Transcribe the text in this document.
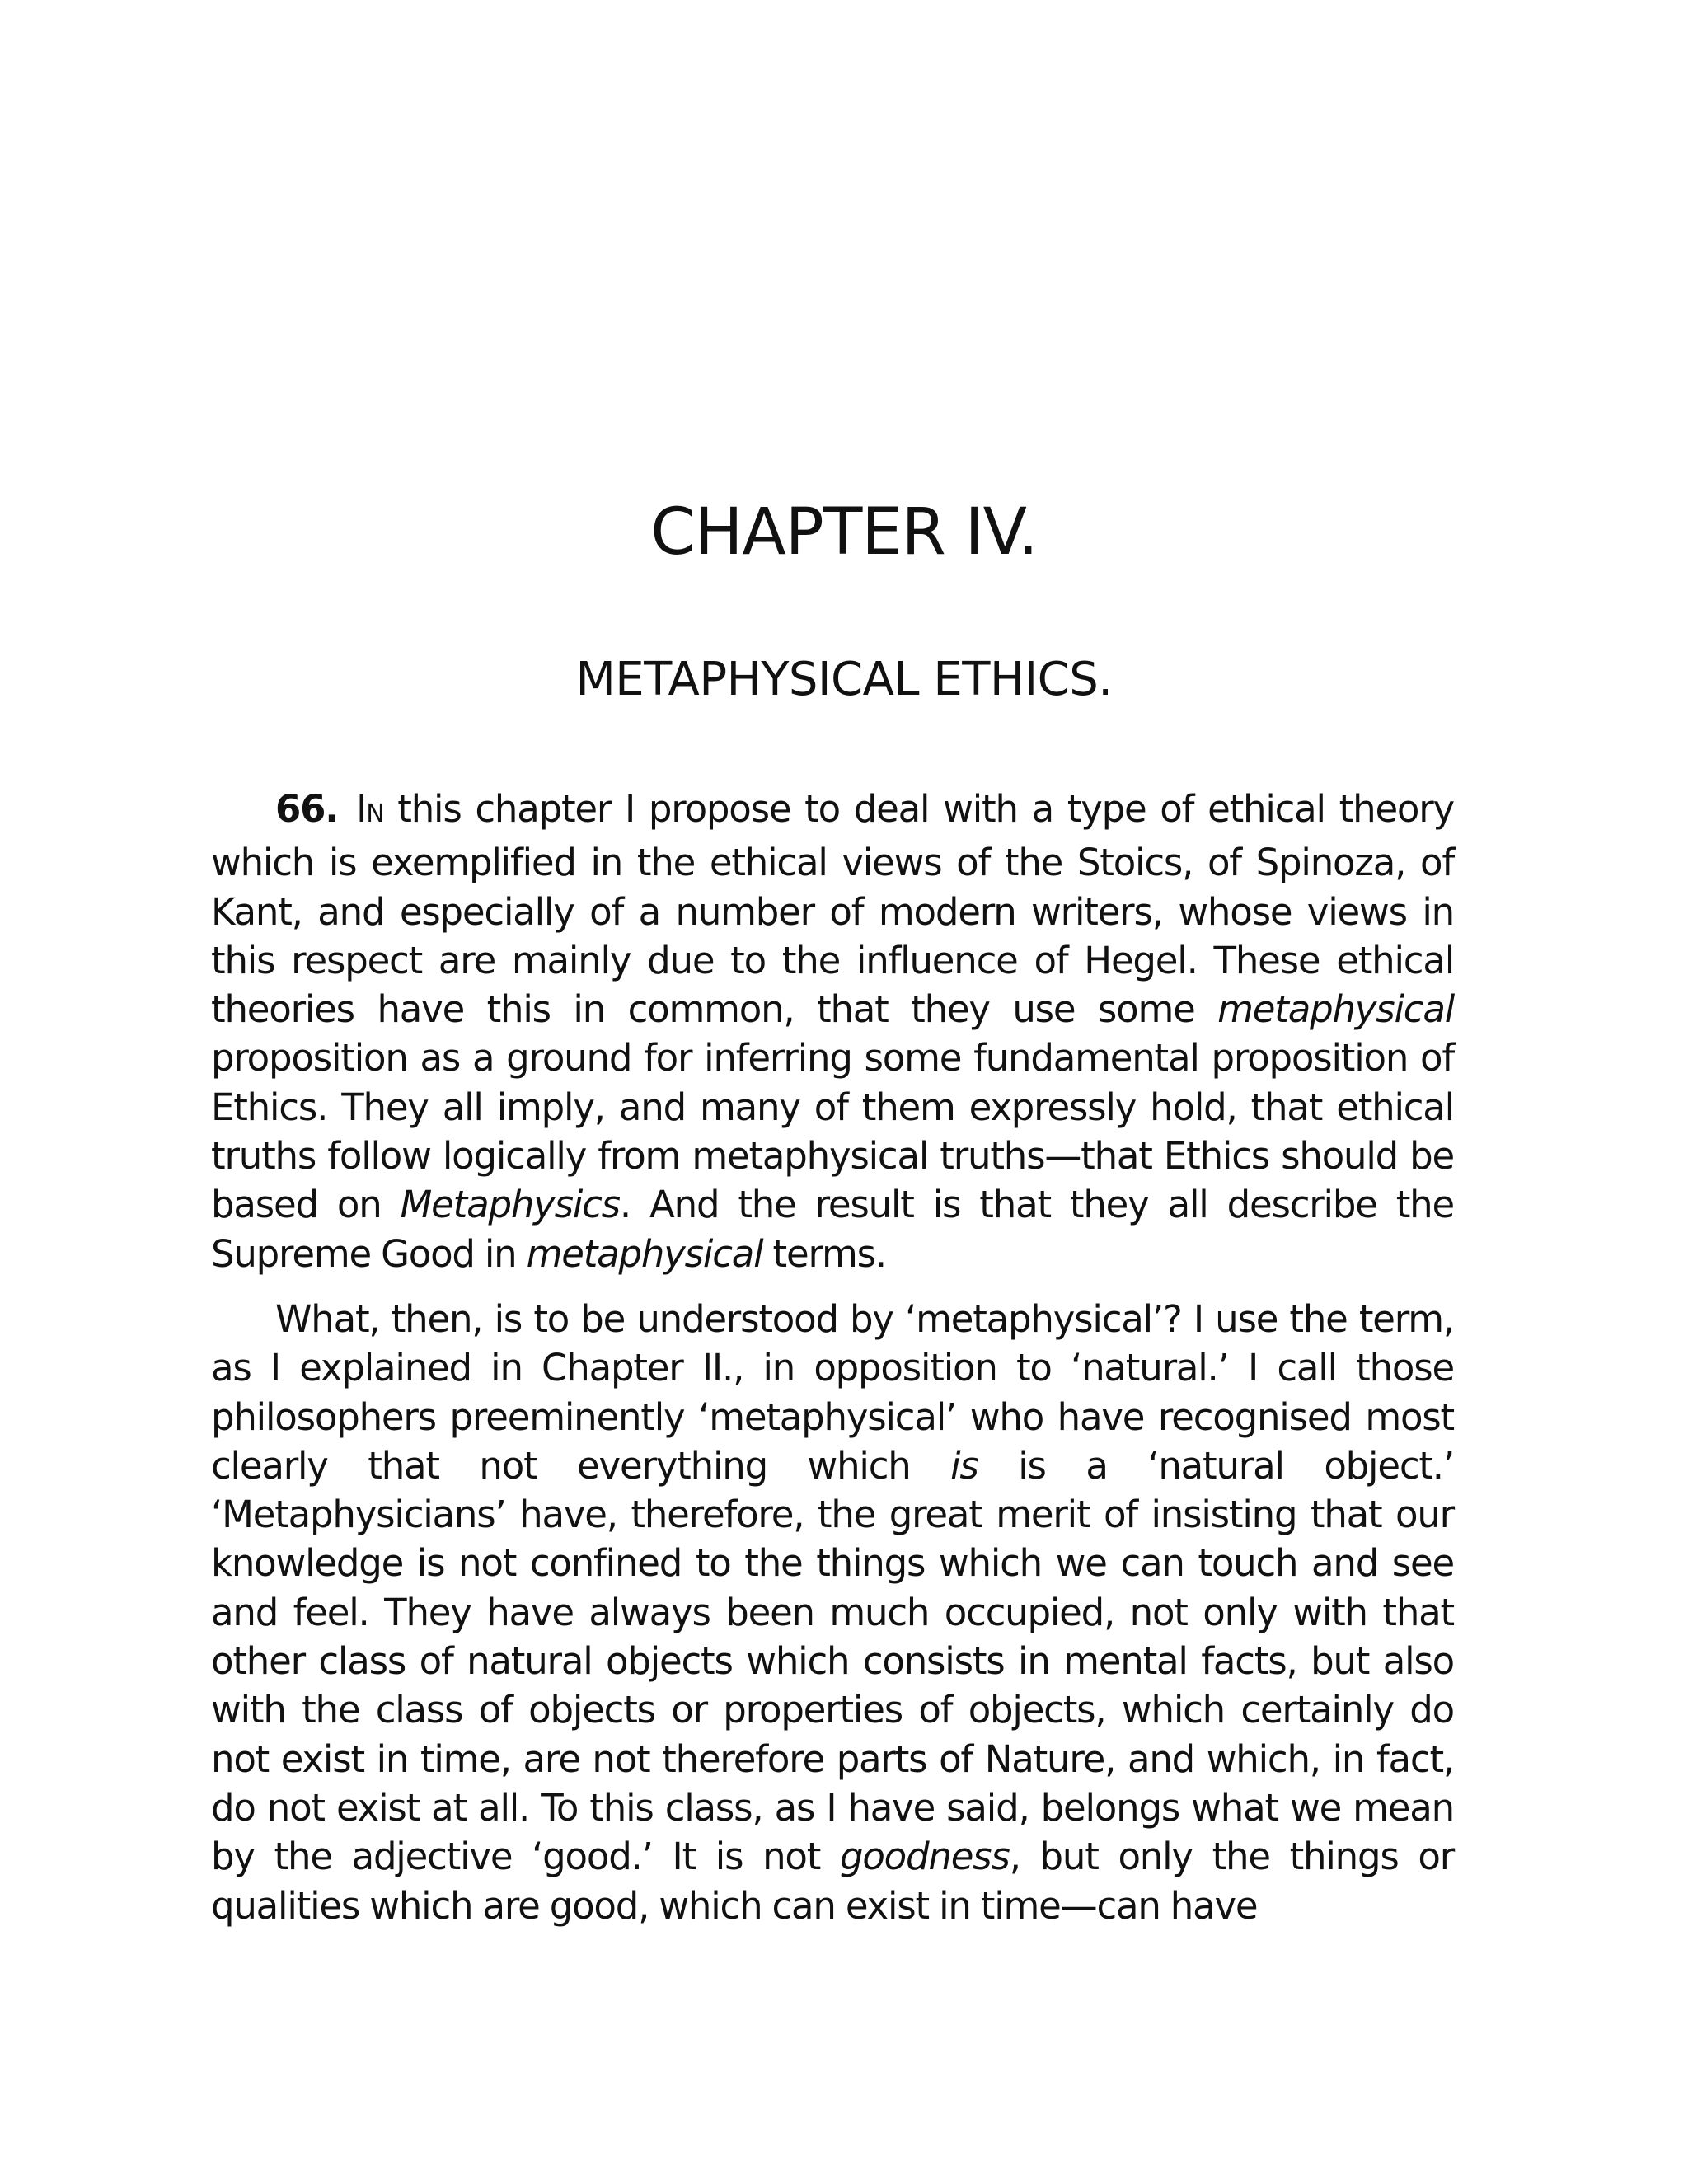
CHAPTER IV.
METAPHYSICAL ETHICS.

66. IN this chapter I propose to deal with a type of ethical theory which is exemplified in the ethical views of the Stoics, of Spinoza, of Kant, and especially of a number of modern writers, whose views in this respect are mainly due to the influence of Hegel. These ethical theories have this in common, that they use some metaphysical proposition as a ground for inferring some fundamental proposition of Ethics. They all imply, and many of them expressly hold, that ethical truths follow logically from metaphysical truths—that Ethics should be based on Metaphysics. And the result is that they all describe the Supreme Good in metaphysical terms.

What, then, is to be understood by ‘metaphysical’? I use the term, as I explained in Chapter II., in opposition to ‘natural.’ I call those philosophers preeminently ‘metaphysical’ who have recognised most clearly that not everything which is is a ‘natural object.’ ‘Metaphysicians’ have, therefore, the great merit of insisting that our knowledge is not confined to the things which we can touch and see and feel. They have always been much occupied, not only with that other class of natural objects which consists in mental facts, but also with the class of objects or properties of objects, which certainly do not exist in time, are not therefore parts of Nature, and which, in fact, do not exist at all. To this class, as I have said, belongs what we mean by the adjective ‘good.’ It is not goodness, but only the things or qualities which are good, which can exist in time—can have
